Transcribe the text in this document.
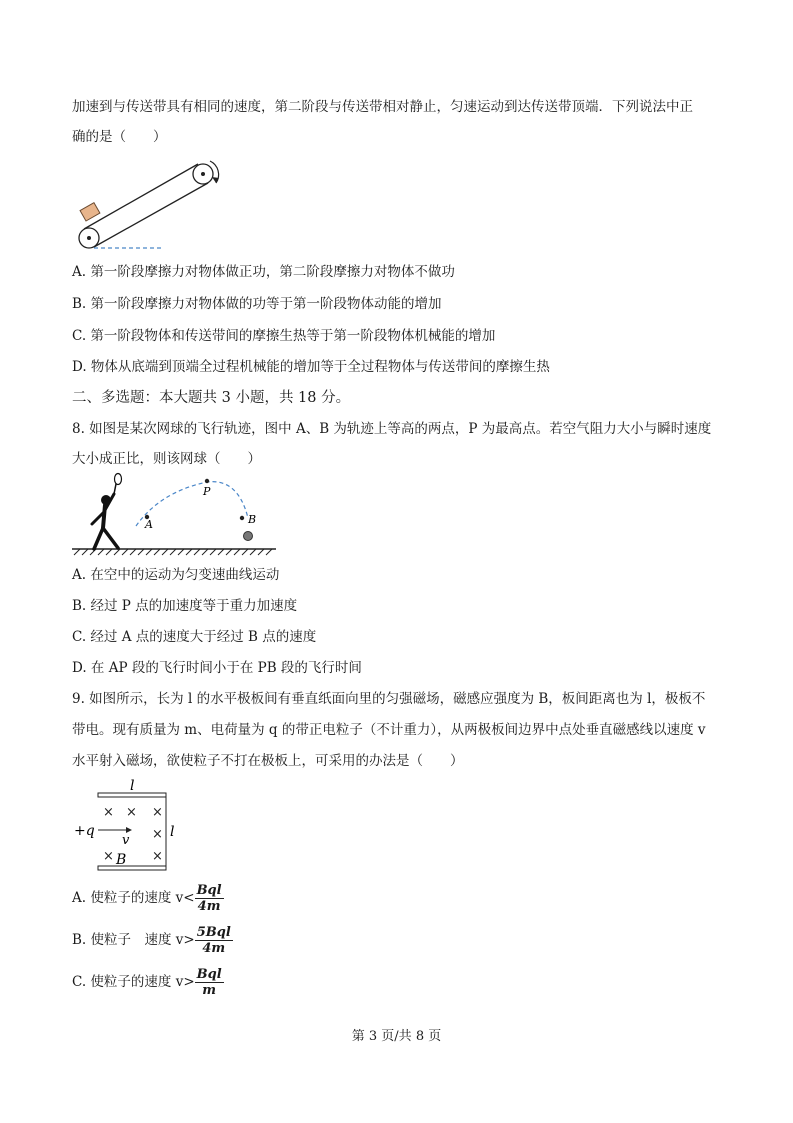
加速到与传送带具有相同的速度，第二阶段与传送带相对静止，匀速运动到达传送带顶端．下列说法中正
确的是（　　）
A. 第一阶段摩擦力对物体做正功，第二阶段摩擦力对物体不做功
B. 第一阶段摩擦力对物体做的功等于第一阶段物体动能的增加
C. 第一阶段物体和传送带间的摩擦生热等于第一阶段物体机械能的增加
D. 物体从底端到顶端全过程机械能的增加等于全过程物体与传送带间的摩擦生热
二、多选题：本大题共 3 小题，共 18 分。
8. 如图是某次网球的飞行轨迹，图中 A、B 为轨迹上等高的两点，P 为最高点。若空气阻力大小与瞬时速度
大小成正比，则该网球（　　）
A
P
B
A. 在空中的运动为匀变速曲线运动
B. 经过 P 点的加速度等于重力加速度
C. 经过 A 点的速度大于经过 B 点的速度
D. 在 AP 段的飞行时间小于在 PB 段的飞行时间
9. 如图所示，长为 l 的水平极板间有垂直纸面向里的匀强磁场，磁感应强度为 B，板间距离也为 l，极板不
带电。现有质量为 m、电荷量为 q 的带正电粒子（不计重力），从两极板间边界中点处垂直磁感线以速度 v
水平射入磁场，欲使粒子不打在极板上，可采用的办法是（　　）
l
l
× × ×
×
×	×
B
+q
v
A. 使粒子的速度 $v< \frac{\text{Bql}}{4m}$
B. 使粒子　速度 $v> \frac{\text{5Bql}}{4m}$
C. 使粒子的速度 $v> \frac{\text{Bql}}{m}$
第 3 页/共 8 页
